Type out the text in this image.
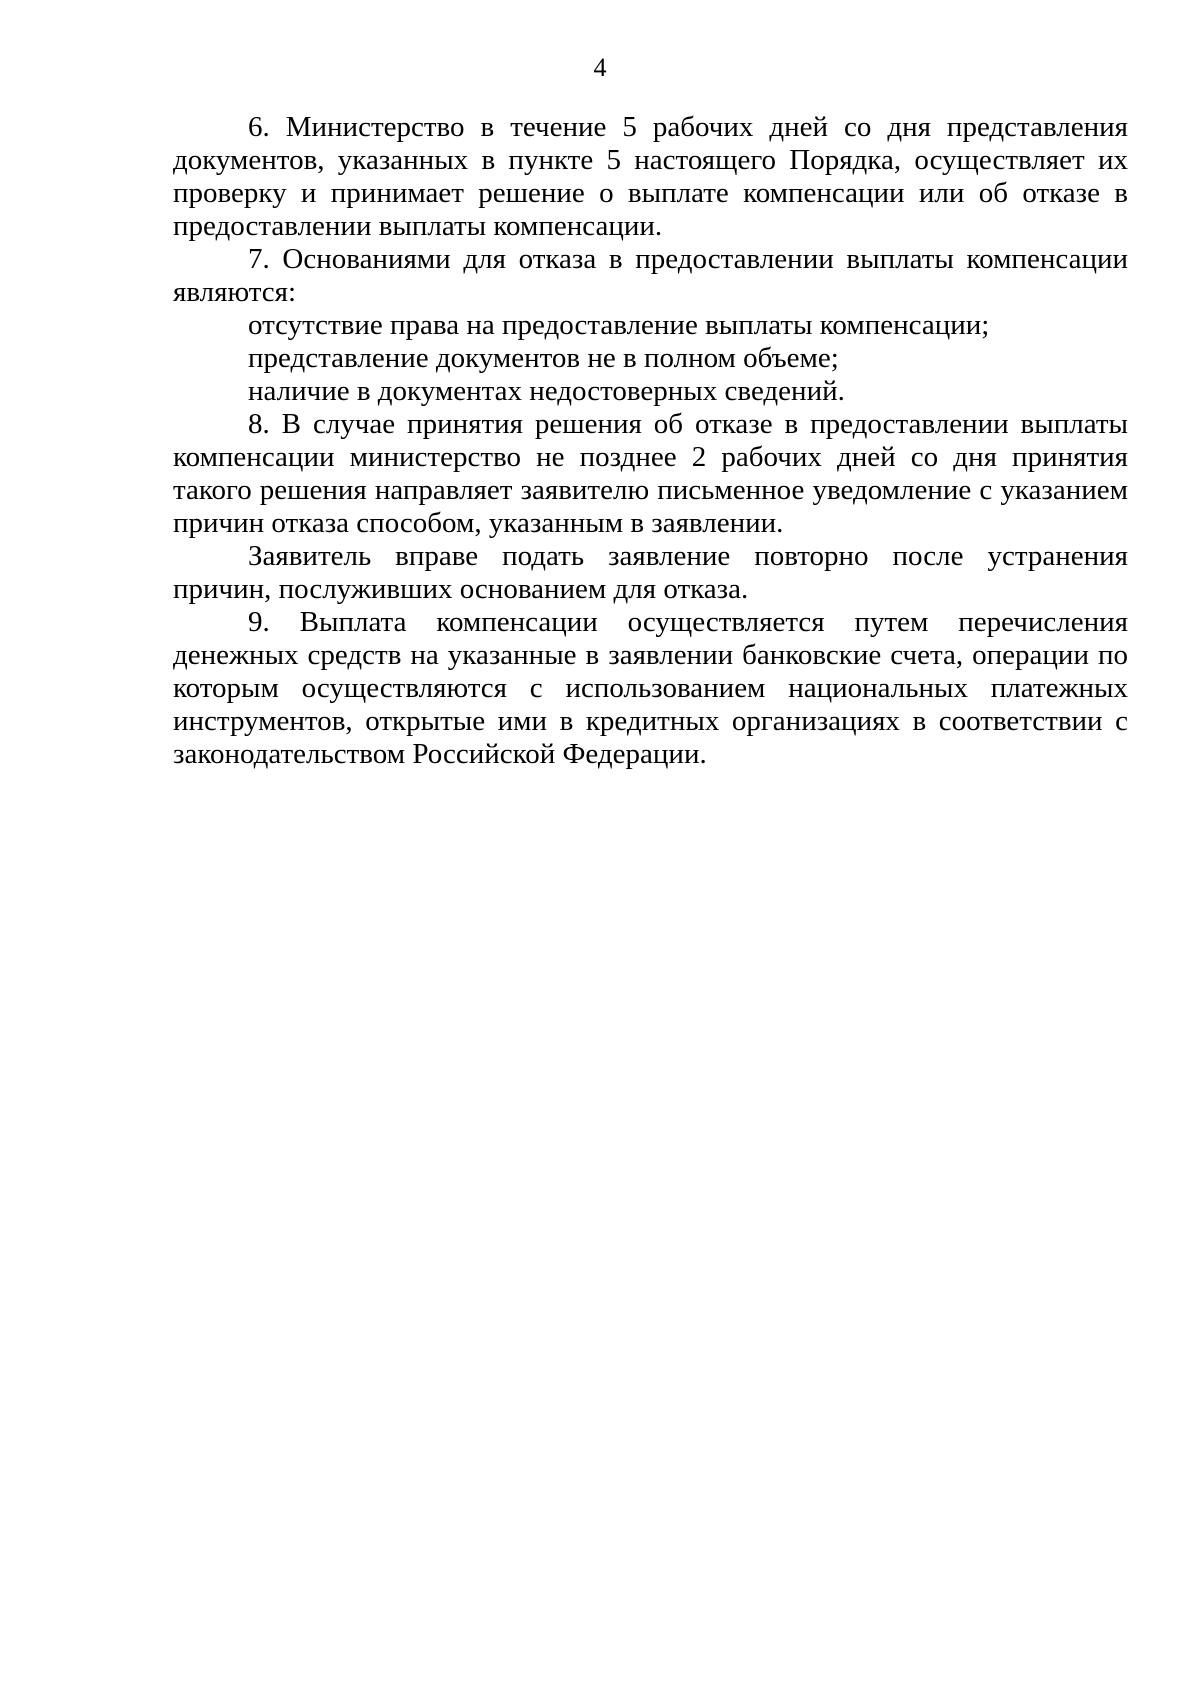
4

6. Министерство в течение 5 рабочих дней со дня представления документов, указанных в пункте 5 настоящего Порядка, осуществляет их проверку и принимает решение о выплате компенсации или об отказе в предоставлении выплаты компенсации.

7. Основаниями для отказа в предоставлении выплаты компенсации являются:

отсутствие права на предоставление выплаты компенсации;

представление документов не в полном объеме;

наличие в документах недостоверных сведений.

8. В случае принятия решения об отказе в предоставлении выплаты компенсации министерство не позднее 2 рабочих дней со дня принятия такого решения направляет заявителю письменное уведомление с указанием причин отказа способом, указанным в заявлении.

Заявитель вправе подать заявление повторно после устранения причин, послуживших основанием для отказа.

9. Выплата компенсации осуществляется путем перечисления денежных средств на указанные в заявлении банковские счета, операции по которым осуществляются с использованием национальных платежных инструментов, открытые ими в кредитных организациях в соответствии с законодательством Российской Федерации.
